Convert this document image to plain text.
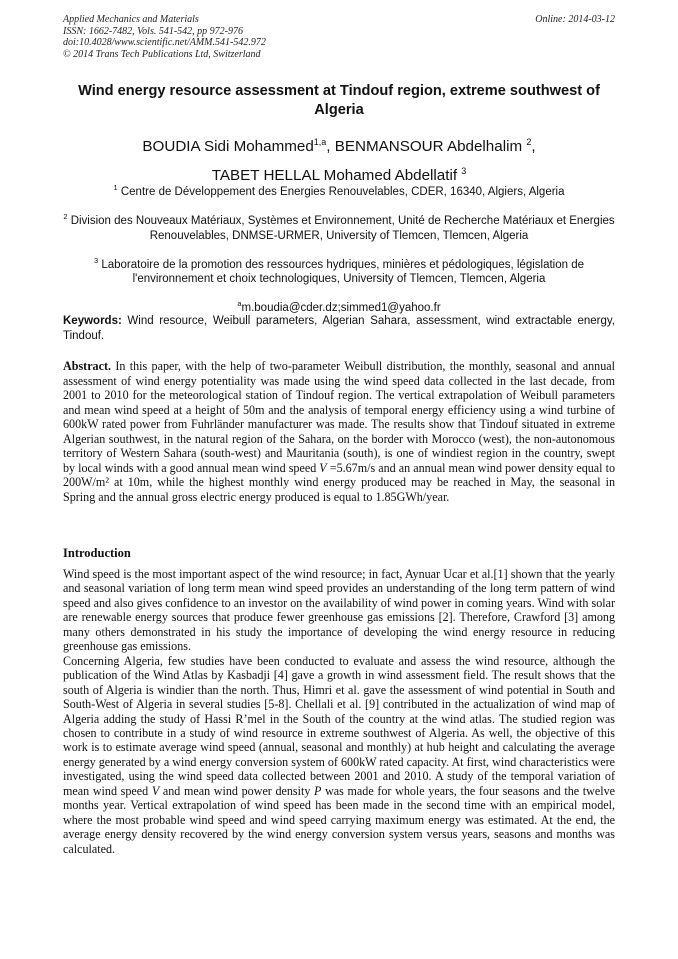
Applied Mechanics and Materials
ISSN: 1662-7482, Vols. 541-542, pp 972-976
doi:10.4028/www.scientific.net/AMM.541-542.972
© 2014 Trans Tech Publications Ltd, Switzerland
Online: 2014-03-12
Wind energy resource assessment at Tindouf region, extreme southwest of Algeria
BOUDIA Sidi Mohammed$^{1,a}$, BENMANSOUR Abdelhalim $^2$,
TABET HELLAL Mohamed Abdellatif $^3$

$^1$ Centre de Développement des Energies Renouvelables, CDER, 16340, Algiers, Algeria

$^2$ Division des Nouveaux Matériaux, Systèmes et Environnement, Unité de Recherche Matériaux et Energies Renouvelables, DNMSE-URMER, University of Tlemcen, Tlemcen, Algeria

$^3$ Laboratoire de la promotion des ressources hydriques, minières et pédologiques, législation de l'environnement et choix technologiques, University of Tlemcen, Tlemcen, Algeria

$^a$m.boudia@cder.dz;simmed1@yahoo.fr

Keywords: Wind resource, Weibull parameters, Algerian Sahara, assessment, wind extractable energy, Tindouf.
Abstract. In this paper, with the help of two-parameter Weibull distribution, the monthly, seasonal and annual assessment of wind energy potentiality was made using the wind speed data collected in the last decade, from 2001 to 2010 for the meteorological station of Tindouf region. The vertical extrapolation of Weibull parameters and mean wind speed at a height of 50m and the analysis of temporal energy efficiency using a wind turbine of 600kW rated power from Fuhrländer manufacturer was made. The results show that Tindouf situated in extreme Algerian southwest, in the natural region of the Sahara, on the border with Morocco (west), the non-autonomous territory of Western Sahara (south-west) and Mauritania (south), is one of windiest region in the country, swept by local winds with a good annual mean wind speed V =5.67m/s and an annual mean wind power density equal to 200W/m² at 10m, while the highest monthly wind energy produced may be reached in May, the seasonal in Spring and the annual gross electric energy produced is equal to 1.85GWh/year.
Introduction

Wind speed is the most important aspect of the wind resource; in fact, Aynuar Ucar et al.[1] shown that the yearly and seasonal variation of long term mean wind speed provides an understanding of the long term pattern of wind speed and also gives confidence to an investor on the availability of wind power in coming years. Wind with solar are renewable energy sources that produce fewer greenhouse gas emissions [2]. Therefore, Crawford [3] among many others demonstrated in his study the importance of developing the wind energy resource in reducing greenhouse gas emissions.

Concerning Algeria, few studies have been conducted to evaluate and assess the wind resource, although the publication of the Wind Atlas by Kasbadji [4] gave a growth in wind assessment field. The result shows that the south of Algeria is windier than the north. Thus, Himri et al. gave the assessment of wind potential in South and South-West of Algeria in several studies [5-8]. Chellali et al. [9] contributed in the actualization of wind map of Algeria adding the study of Hassi R’mel in the South of the country at the wind atlas. The studied region was chosen to contribute in a study of wind resource in extreme southwest of Algeria. As well, the objective of this work is to estimate average wind speed (annual, seasonal and monthly) at hub height and calculating the average energy generated by a wind energy conversion system of 600kW rated capacity. At first, wind characteristics were investigated, using the wind speed data collected between 2001 and 2010. A study of the temporal variation of mean wind speed V and mean wind power density P was made for whole years, the four seasons and the twelve months year. Vertical extrapolation of wind speed has been made in the second time with an empirical model, where the most probable wind speed and wind speed carrying maximum energy was estimated. At the end, the average energy density recovered by the wind energy conversion system versus years, seasons and months was calculated.
